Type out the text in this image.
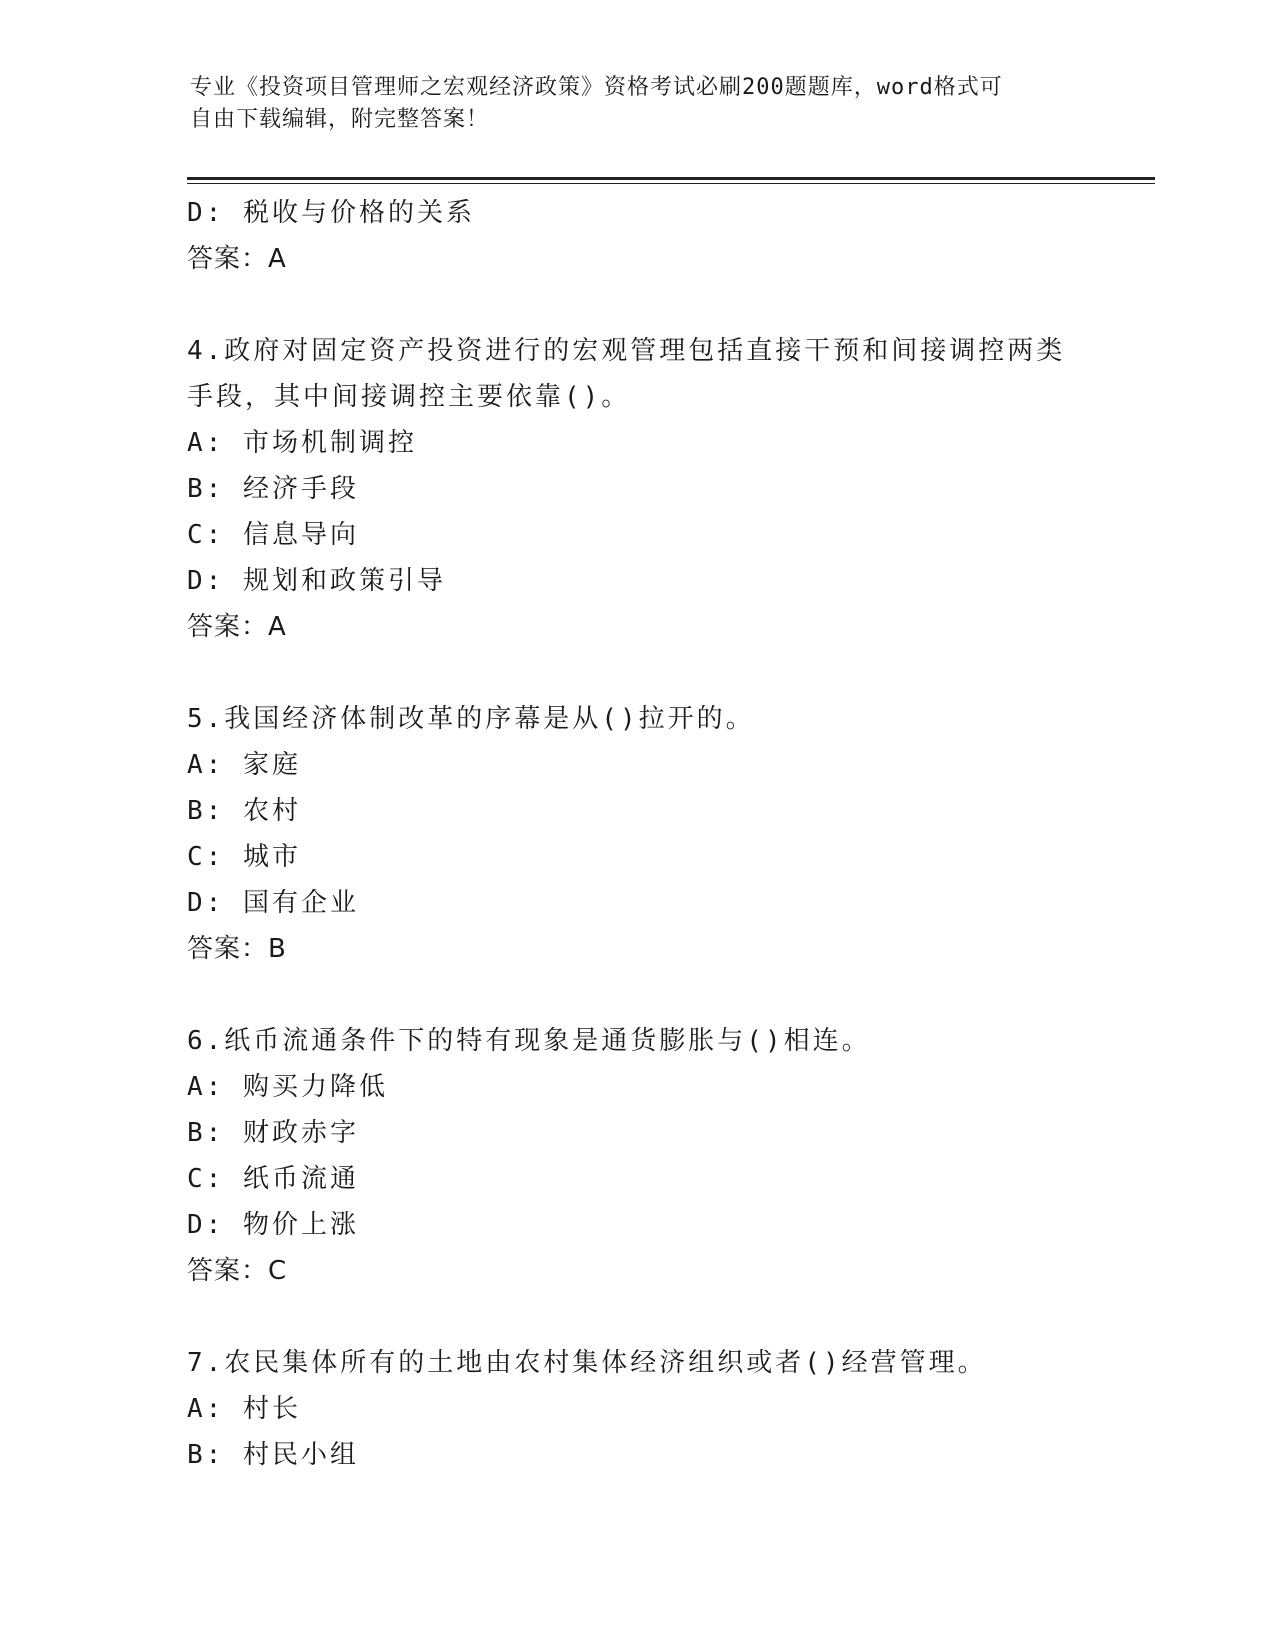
专业《投资项目管理师之宏观经济政策》资格考试必刷200题题库，word格式可
自由下载编辑，附完整答案！
D: 税收与价格的关系
答案：A
4.政府对固定资产投资进行的宏观管理包括直接干预和间接调控两类
手段，其中间接调控主要依靠()。
A: 市场机制调控
B: 经济手段
C: 信息导向
D: 规划和政策引导
答案：A
5.我国经济体制改革的序幕是从()拉开的。
A: 家庭
B: 农村
C: 城市
D: 国有企业
答案：B
6.纸币流通条件下的特有现象是通货膨胀与()相连。
A: 购买力降低
B: 财政赤字
C: 纸币流通
D: 物价上涨
答案：C
7.农民集体所有的土地由农村集体经济组织或者()经营管理。
A: 村长
B: 村民小组
